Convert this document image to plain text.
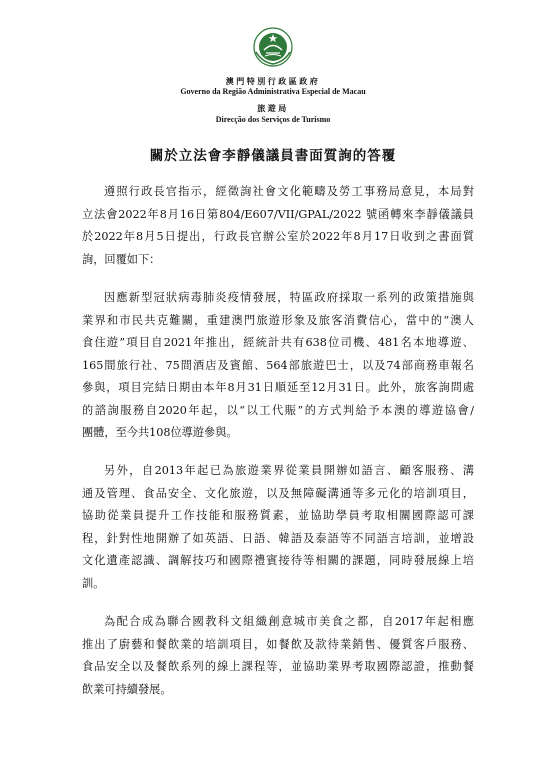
澳門特別行政區政府
Governo da Região Administrativa Especial de Macau
旅遊局
Direcção dos Serviços de Turismo
關於立法會李靜儀議員書面質詢的答覆
遵照行政長官指示，經徵詢社會文化範疇及勞工事務局意見，本局對
立法會2022年8月16日第804/E607/VII/GPAL/2022 號函轉來李靜儀議員
於2022年8月5日提出，行政長官辦公室於2022年8月17日收到之書面質
詢，回覆如下：
因應新型冠狀病毒肺炎疫情發展，特區政府採取一系列的政策措施與
業界和市民共克難關，重建澳門旅遊形象及旅客消費信心，當中的“澳人
食住遊”項目自2021年推出，經統計共有638位司機、481名本地導遊、
165間旅行社、75間酒店及賓館、564部旅遊巴士，以及74部商務車報名
參與，項目完結日期由本年8月31日順延至12月31日。此外，旅客詢問處
的諮詢服務自2020年起，以“以工代賑”的方式判給予本澳的導遊協會/
團體，至今共108位導遊參與。
另外，自2013年起已為旅遊業界從業員開辦如語言、顧客服務、溝
通及管理、食品安全、文化旅遊，以及無障礙溝通等多元化的培訓項目，
協助從業員提升工作技能和服務質素，並協助學員考取相關國際認可課
程，針對性地開辦了如英語、日語、韓語及泰語等不同語言培訓，並增設
文化遺產認識、調解技巧和國際禮賓接待等相關的課題，同時發展線上培
訓。
為配合成為聯合國教科文組織創意城市美食之都，自2017年起相應
推出了廚藝和餐飲業的培訓項目，如餐飲及款待業銷售、優質客戶服務、
食品安全以及餐飲系列的線上課程等，並協助業界考取國際認證，推動餐
飲業可持續發展。
